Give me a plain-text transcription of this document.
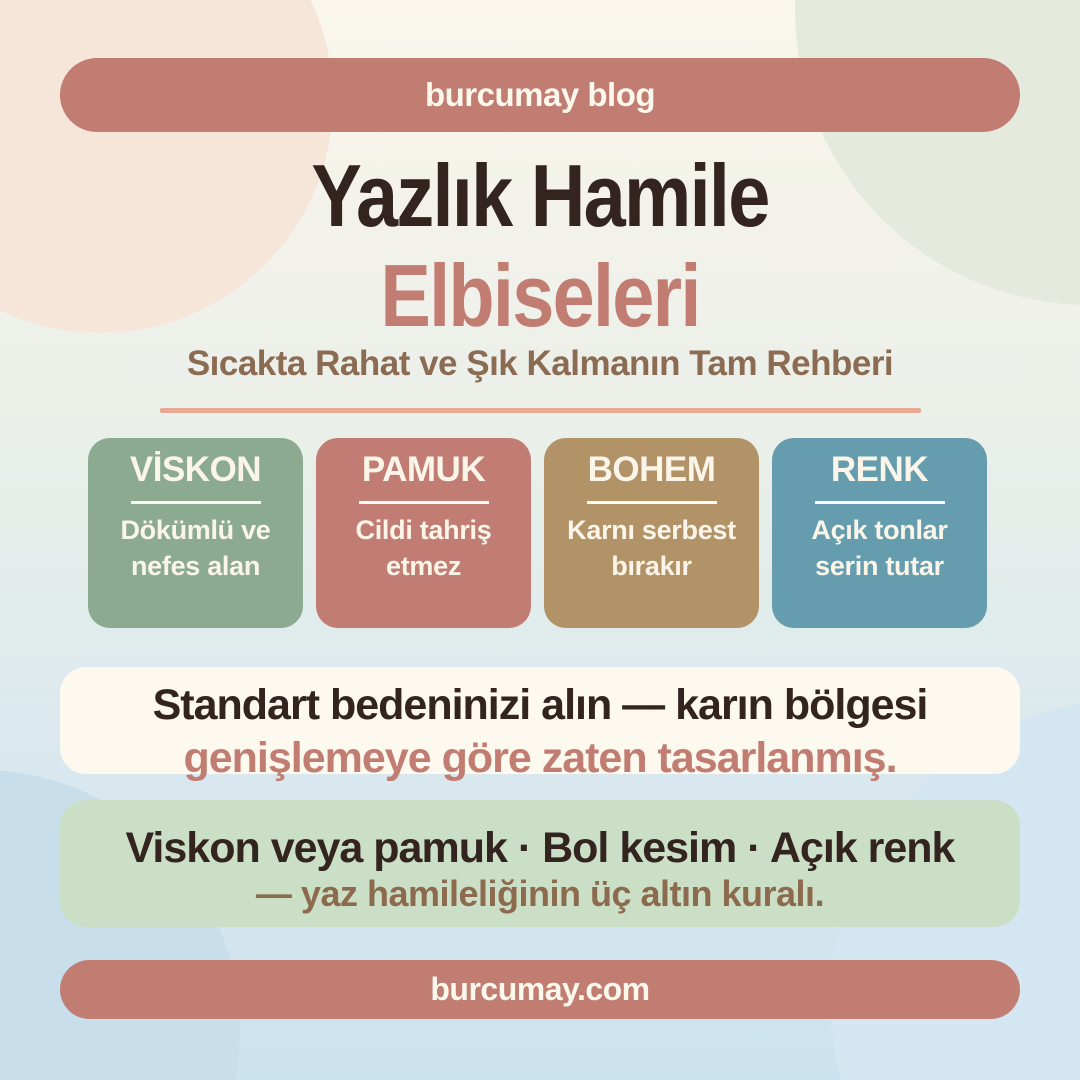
burcumay blog
Yazlık Hamile
Elbiseleri
Sıcakta Rahat ve Şık Kalmanın Tam Rehberi
VİSKON
Dökümlü ve nefes alan
PAMUK
Cildi tahriş etmez
BOHEM
Karnı serbest bırakır
RENK
Açık tonlar serin tutar
Standart bedeninizi alın — karın bölgesi
genişlemeye göre zaten tasarlanmış.
Viskon veya pamuk · Bol kesim · Açık renk
— yaz hamileliğinin üç altın kuralı.
burcumay.com
